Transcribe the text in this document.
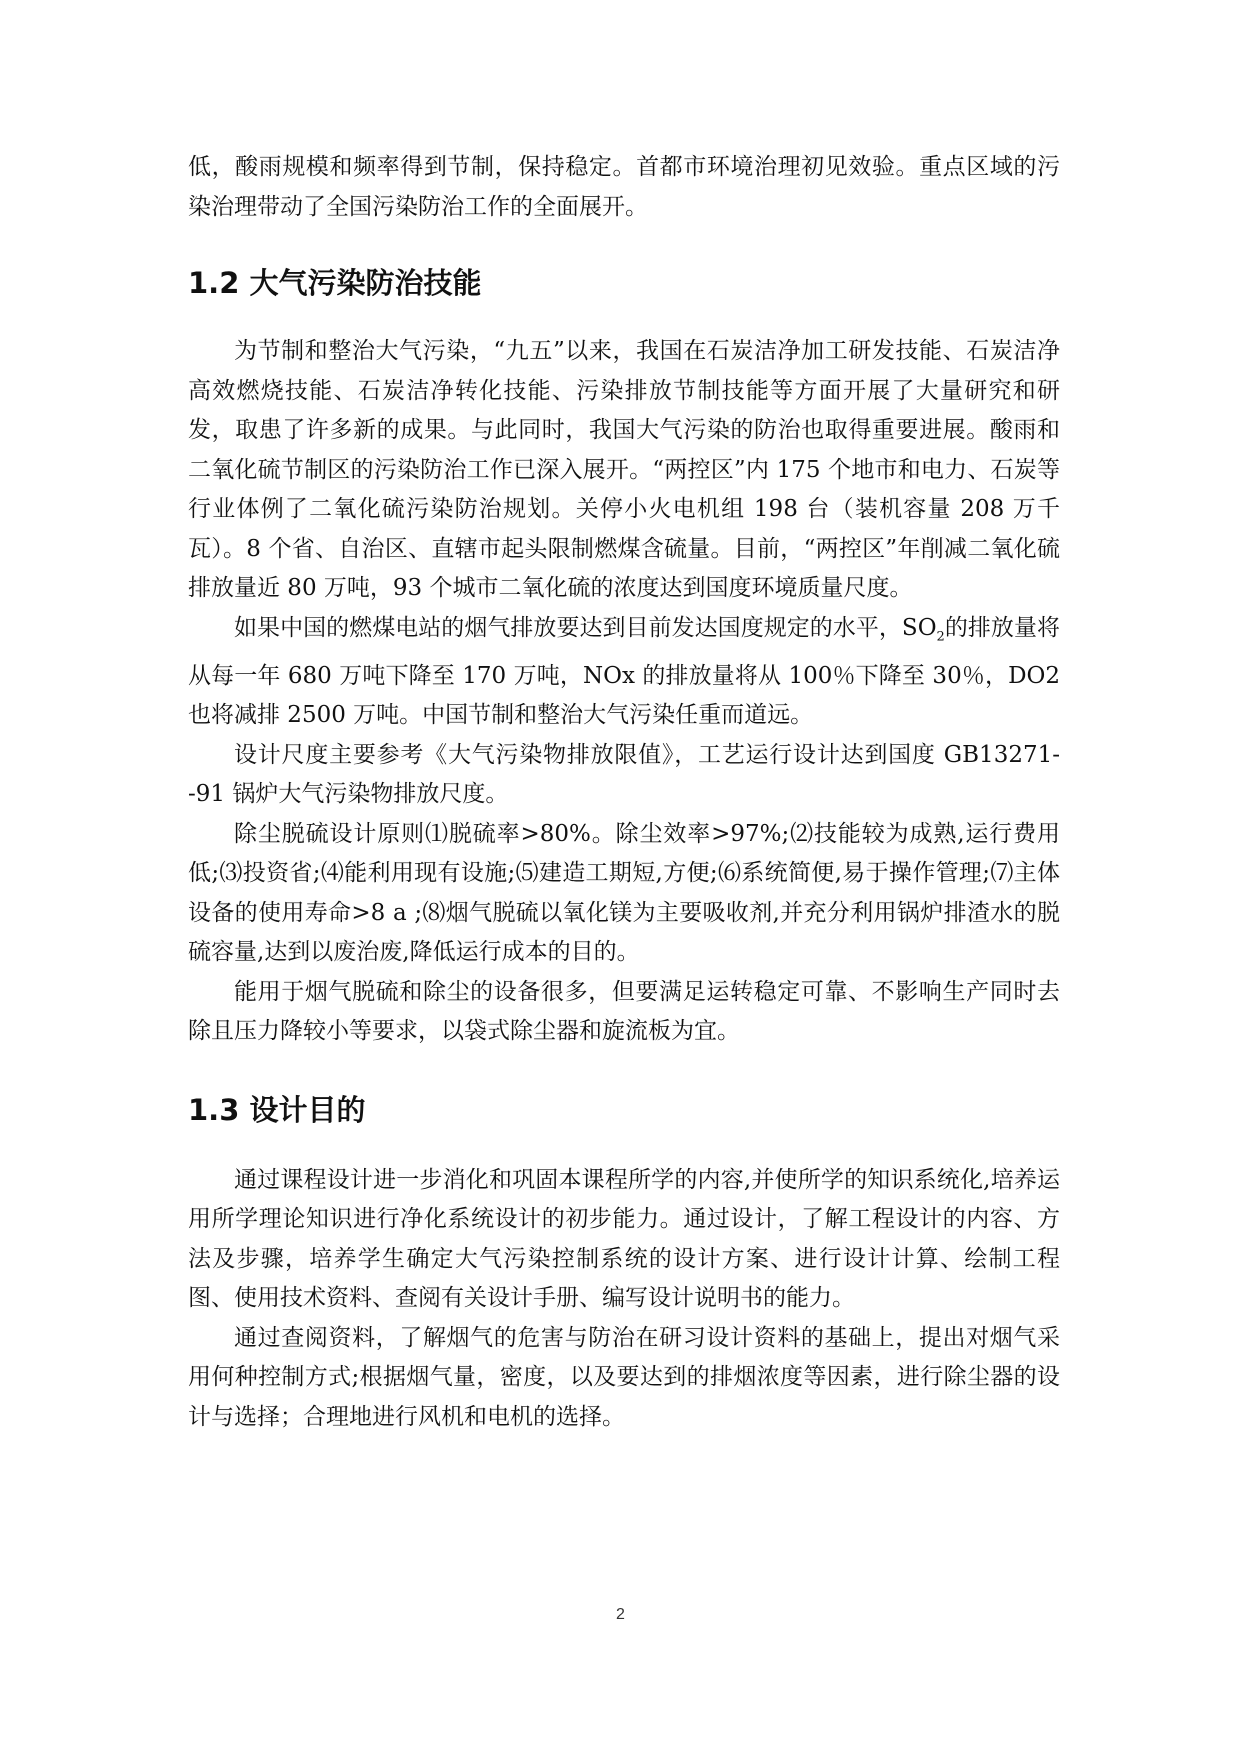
低，酸雨规模和频率得到节制，保持稳定。首都市环境治理初见效验。重点区域的污染治理带动了全国污染防治工作的全面展开。

1.2 大气污染防治技能

为节制和整治大气污染，“九五”以来，我国在石炭洁净加工研发技能、石炭洁净高效燃烧技能、石炭洁净转化技能、污染排放节制技能等方面开展了大量研究和研发，取患了许多新的成果。与此同时，我国大气污染的防治也取得重要进展。酸雨和二氧化硫节制区的污染防治工作已深入展开。“两控区”内 175 个地市和电力、石炭等行业体例了二氧化硫污染防治规划。关停小火电机组 198 台（装机容量 208 万千瓦）。8 个省、自治区、直辖市起头限制燃煤含硫量。目前，“两控区”年削减二氧化硫排放量近 80 万吨，93 个城市二氧化硫的浓度达到国度环境质量尺度。

如果中国的燃煤电站的烟气排放要达到目前发达国度规定的水平，$SO_2$的排放量将从每一年 680 万吨下降至 170 万吨，NOx 的排放量将从 100％下降至 30％，DO2 也将减排 2500 万吨。中国节制和整治大气污染任重而道远。

设计尺度主要参考《大气污染物排放限值》，工艺运行设计达到国度 GB13271--91 锅炉大气污染物排放尺度。

除尘脱硫设计原则⑴脱硫率>80%。除尘效率>97%;⑵技能较为成熟,运行费用低;⑶投资省;⑷能利用现有设施;⑸建造工期短,方便;⑹系统简便,易于操作管理;⑺主体设备的使用寿命>8 a ;⑻烟气脱硫以氧化镁为主要吸收剂,并充分利用锅炉排渣水的脱硫容量,达到以废治废,降低运行成本的目的。

能用于烟气脱硫和除尘的设备很多，但要满足运转稳定可靠、不影响生产同时去除且压力降较小等要求，以袋式除尘器和旋流板为宜。

1.3 设计目的

通过课程设计进一步消化和巩固本课程所学的内容,并使所学的知识系统化,培养运用所学理论知识进行净化系统设计的初步能力。通过设计，了解工程设计的内容、方法及步骤，培养学生确定大气污染控制系统的设计方案、进行设计计算、绘制工程图、使用技术资料、查阅有关设计手册、编写设计说明书的能力。

通过查阅资料，了解烟气的危害与防治在研习设计资料的基础上，提出对烟气采用何种控制方式;根据烟气量，密度，以及要达到的排烟浓度等因素，进行除尘器的设计与选择；合理地进行风机和电机的选择。

2
